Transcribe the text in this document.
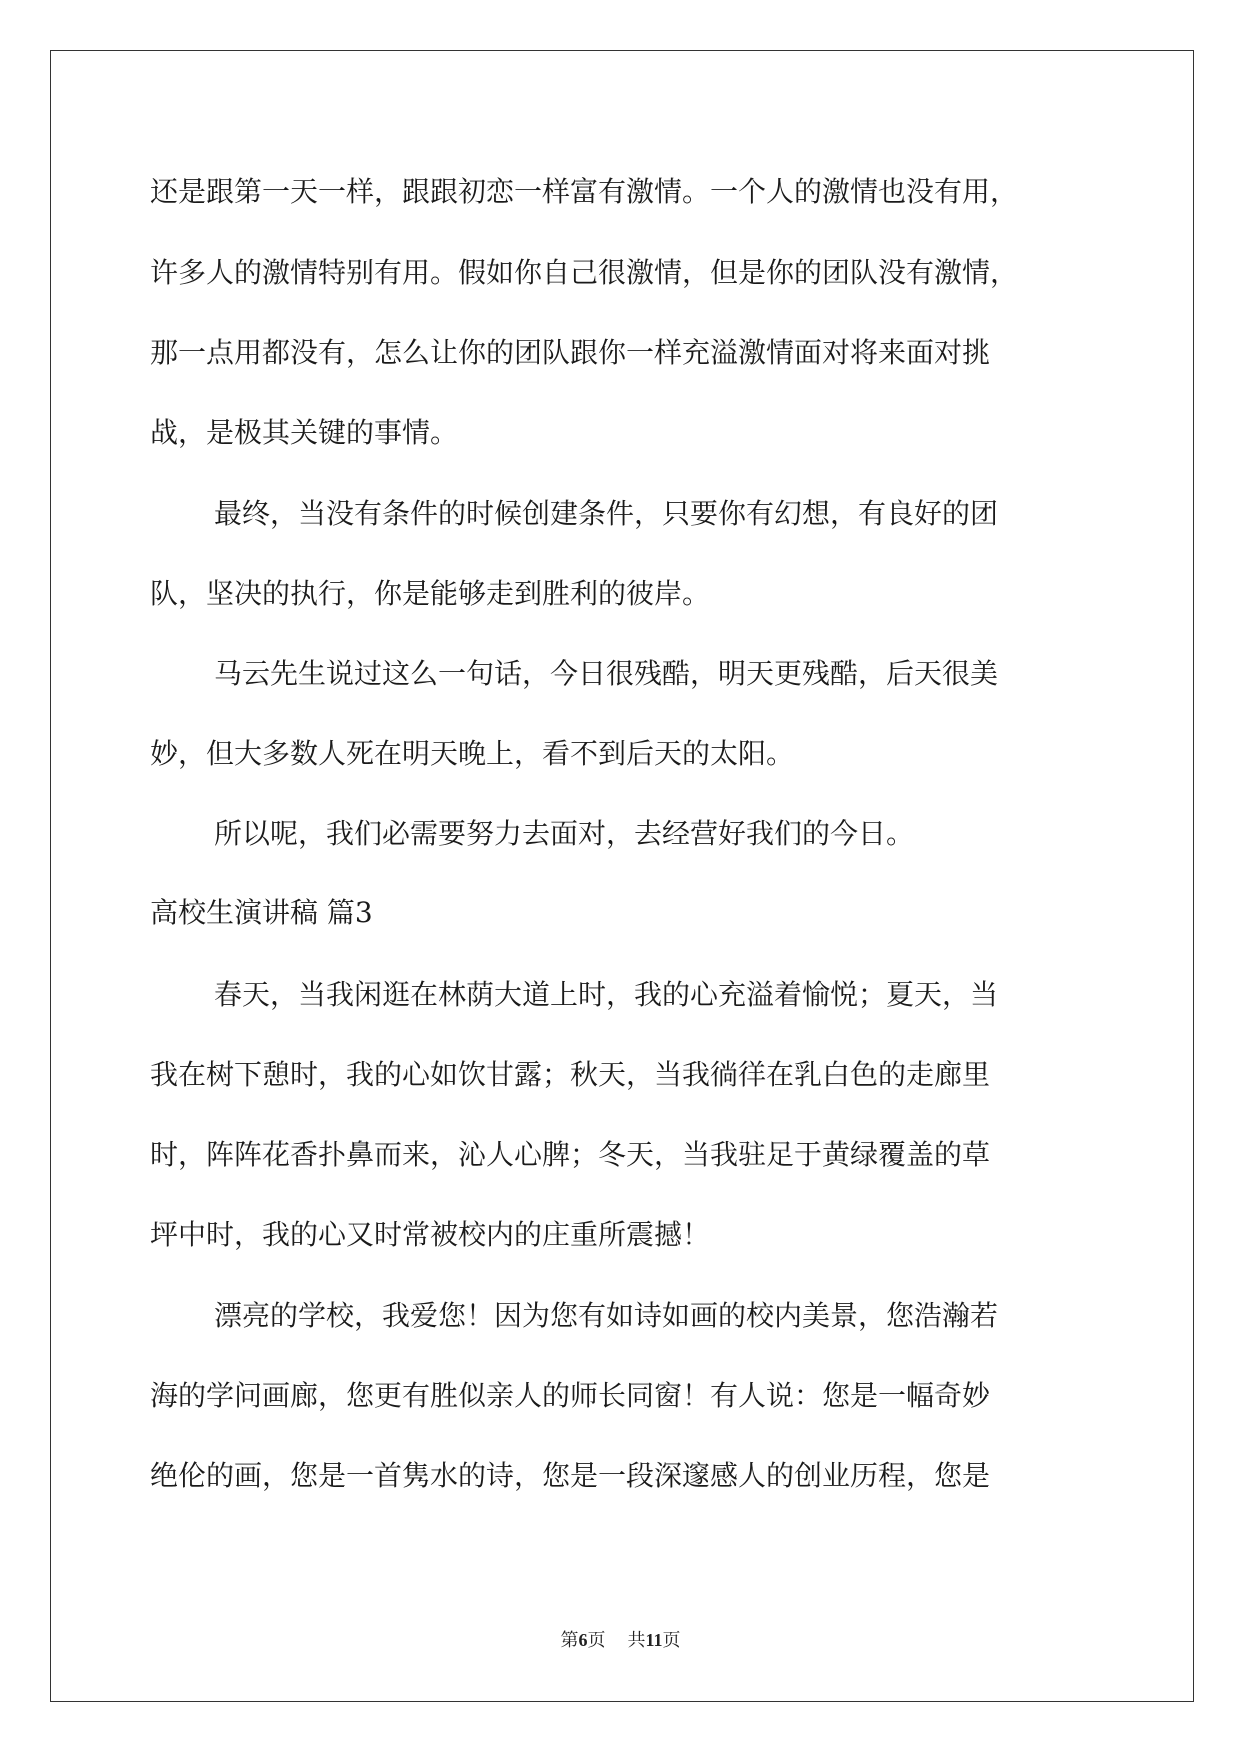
还是跟第一天一样，跟跟初恋一样富有激情。一个人的激情也没有用，
许多人的激情特别有用。假如你自己很激情，但是你的团队没有激情，
那一点用都没有，怎么让你的团队跟你一样充溢激情面对将来面对挑
战，是极其关键的事情。
最终，当没有条件的时候创建条件，只要你有幻想，有良好的团
队，坚决的执行，你是能够走到胜利的彼岸。
马云先生说过这么一句话，今日很残酷，明天更残酷，后天很美
妙，但大多数人死在明天晚上，看不到后天的太阳。
所以呢，我们必需要努力去面对，去经营好我们的今日。
高校生演讲稿 篇3
春天，当我闲逛在林荫大道上时，我的心充溢着愉悦；夏天，当
我在树下憩时，我的心如饮甘露；秋天，当我徜徉在乳白色的走廊里
时，阵阵花香扑鼻而来，沁人心脾；冬天，当我驻足于黄绿覆盖的草
坪中时，我的心又时常被校内的庄重所震撼！
漂亮的学校，我爱您！因为您有如诗如画的校内美景，您浩瀚若
海的学问画廊，您更有胜似亲人的师长同窗！有人说：您是一幅奇妙
绝伦的画，您是一首隽水的诗，您是一段深邃感人的创业历程，您是
第6页 共11页
